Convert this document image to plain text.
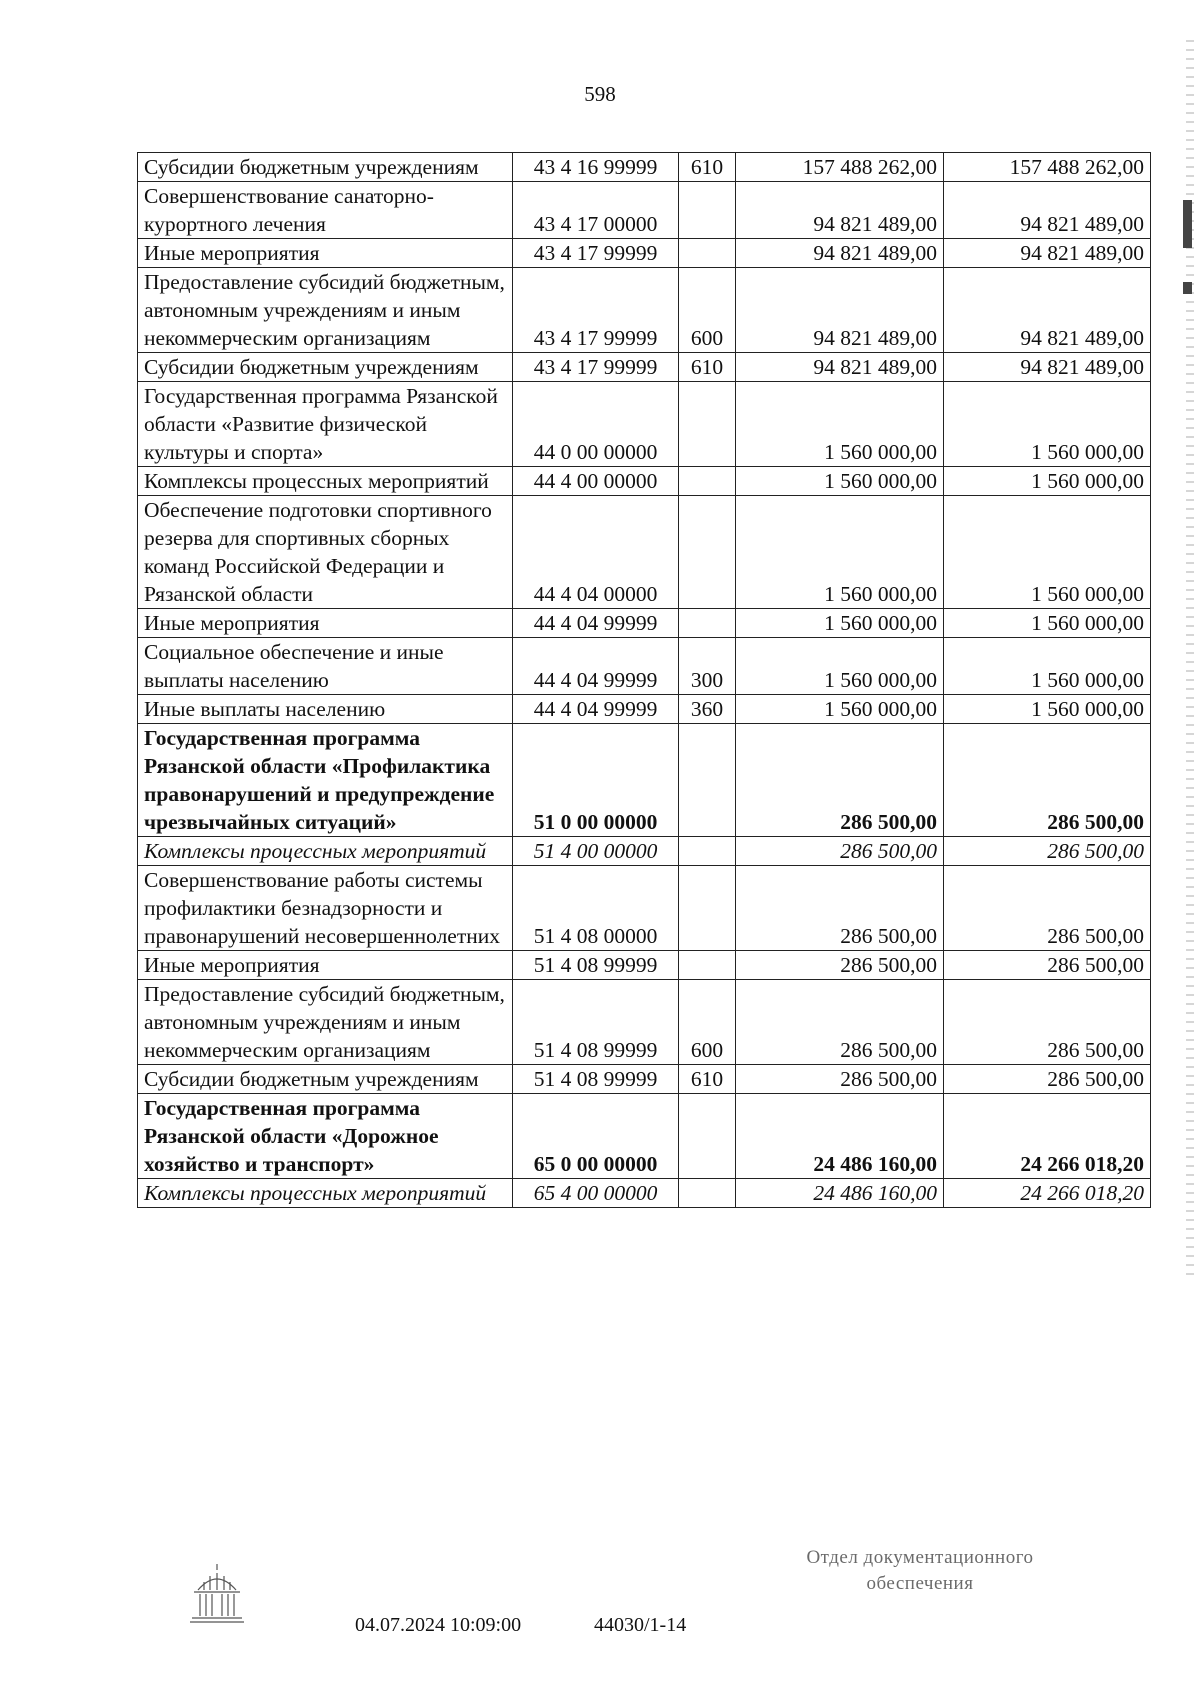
598
Субсидии бюджетным учреждениям	43 4 16 99999	610	157 488 262,00	157 488 262,00
Совершенствование санаторно-курортного лечения	43 4 17 00000		94 821 489,00	94 821 489,00
Иные мероприятия	43 4 17 99999		94 821 489,00	94 821 489,00
Предоставление субсидий бюджетным, автономным учреждениям и иным некоммерческим организациям	43 4 17 99999	600	94 821 489,00	94 821 489,00
Субсидии бюджетным учреждениям	43 4 17 99999	610	94 821 489,00	94 821 489,00
Государственная программа Рязанской области «Развитие физической культуры и спорта»	44 0 00 00000		1 560 000,00	1 560 000,00
Комплексы процессных мероприятий	44 4 00 00000		1 560 000,00	1 560 000,00
Обеспечение подготовки спортивного резерва для спортивных сборных команд Российской Федерации и Рязанской области	44 4 04 00000		1 560 000,00	1 560 000,00
Иные мероприятия	44 4 04 99999		1 560 000,00	1 560 000,00
Социальное обеспечение и иные выплаты населению	44 4 04 99999	300	1 560 000,00	1 560 000,00
Иные выплаты населению	44 4 04 99999	360	1 560 000,00	1 560 000,00
Государственная программа Рязанской области «Профилактика правонарушений и предупреждение чрезвычайных ситуаций»	51 0 00 00000		286 500,00	286 500,00
Комплексы процессных мероприятий	51 4 00 00000		286 500,00	286 500,00
Совершенствование работы системы профилактики безнадзорности и правонарушений несовершеннолетних	51 4 08 00000		286 500,00	286 500,00
Иные мероприятия	51 4 08 99999		286 500,00	286 500,00
Предоставление субсидий бюджетным, автономным учреждениям и иным некоммерческим организациям	51 4 08 99999	600	286 500,00	286 500,00
Субсидии бюджетным учреждениям	51 4 08 99999	610	286 500,00	286 500,00
Государственная программа Рязанской области «Дорожное хозяйство и транспорт»	65 0 00 00000		24 486 160,00	24 266 018,20
Комплексы процессных мероприятий	65 4 00 00000		24 486 160,00	24 266 018,20
04.07.2024 10:09:00	44030/1-14
Отдел документационного
обеспечения
